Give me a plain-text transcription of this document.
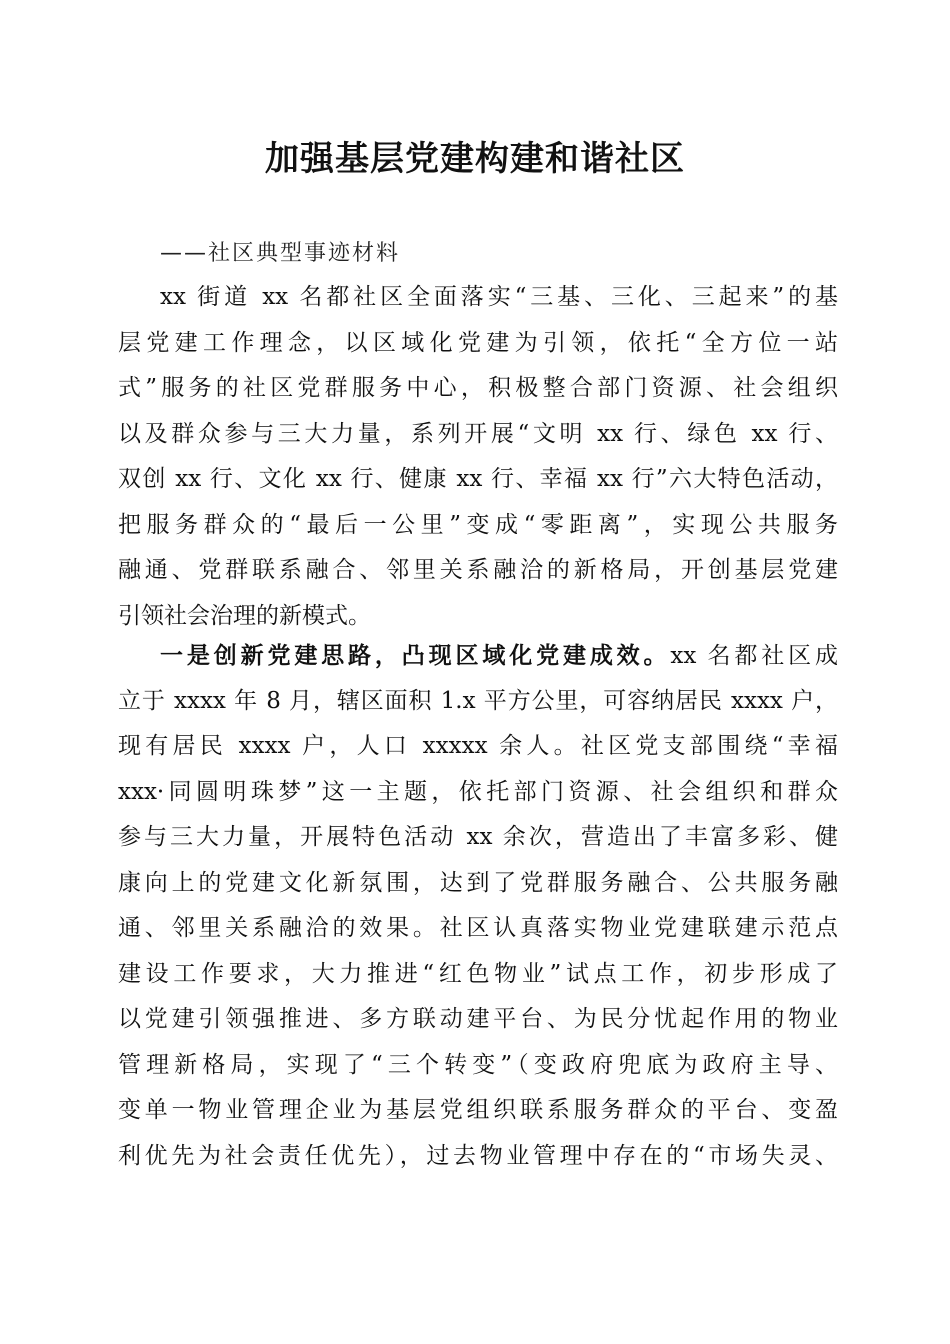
加强基层党建构建和谐社区
——社区典型事迹材料
xx 街道 xx 名都社区全面落实“三基、三化、三起来”的基
层党建工作理念，以区域化党建为引领，依托“全方位一站
式”服务的社区党群服务中心，积极整合部门资源、社会组织
以及群众参与三大力量，系列开展“文明 xx 行、绿色 xx 行、
双创 xx 行、文化 xx 行、健康 xx 行、幸福 xx 行”六大特色活动，
把服务群众的“最后一公里”变成“零距离”，实现公共服务
融通、党群联系融合、邻里关系融洽的新格局，开创基层党建
引领社会治理的新模式。
一是创新党建思路，凸现区域化党建成效。xx 名都社区成
立于 xxxx 年 8 月，辖区面积 1.x 平方公里，可容纳居民 xxxx 户，
现有居民 xxxx 户，人口 xxxxx 余人。社区党支部围绕“幸福
xxx·同圆明珠梦”这一主题，依托部门资源、社会组织和群众
参与三大力量，开展特色活动 xx 余次，营造出了丰富多彩、健
康向上的党建文化新氛围，达到了党群服务融合、公共服务融
通、邻里关系融洽的效果。社区认真落实物业党建联建示范点
建设工作要求，大力推进“红色物业”试点工作，初步形成了
以党建引领强推进、多方联动建平台、为民分忧起作用的物业
管理新格局，实现了“三个转变”（变政府兜底为政府主导、
变单一物业管理企业为基层党组织联系服务群众的平台、变盈
利优先为社会责任优先），过去物业管理中存在的“市场失灵、
